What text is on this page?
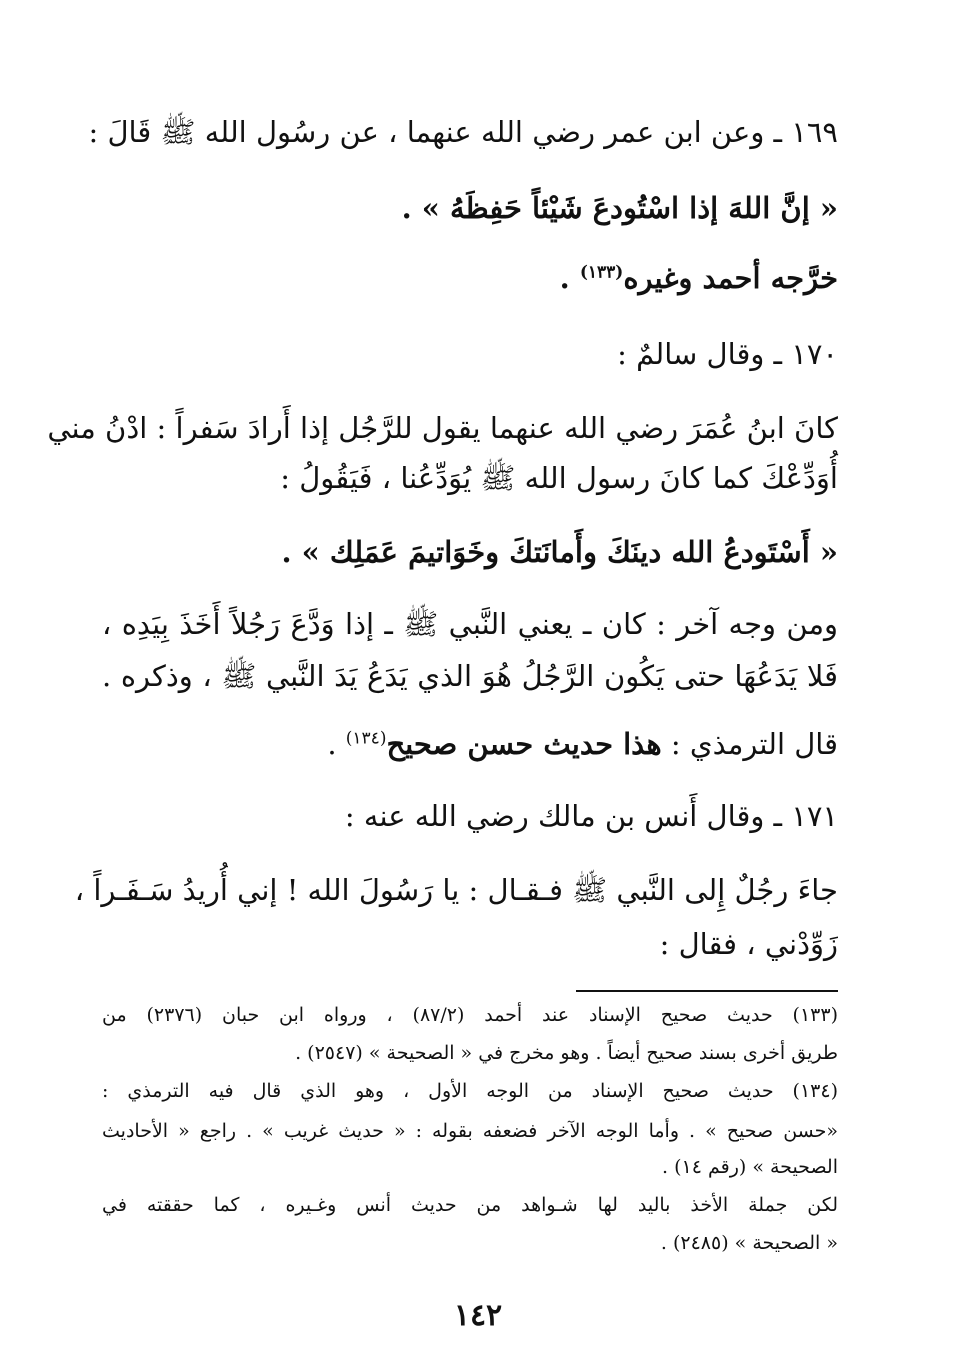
١٦٩ ـ وعن ابن عمر رضي الله عنهما ، عن رسُول الله ﷺ قَالَ :
« إنَّ اللهَ إذا اسْتُودعَ شَيْئاً حَفِظَهُ » .
خرَّجه أحمد وغيره$^{(١٣٣)}$ .
١٧٠ ـ وقال سالمٌ :
كانَ ابنُ عُمَرَ رضي الله عنهما يقول للرَّجُل إذا أَرادَ سَفراً : ادْنُ مني
أُوَدِّعْكَ كما كانَ رسول الله ﷺ يُوَدِّعُنا ، فَيَقُولُ :
« أَسْتَودعُ الله دينَكَ وأَمانَتكَ وخَوَاتيمَ عَمَلِك » .
ومن وجه آخر : كان ـ يعني النَّبي ﷺ ـ إذا وَدَّعَ رَجُلاً أَخَذَ بِيَدِه ،
فَلا يَدَعُهَا حتى يَكُون الرَّجُلُ هُوَ الذي يَدَعُ يَدَ النَّبي ﷺ ، وذكره .
قال الترمذي : هذا حديث حسن صحيح$^{(١٣٤)}$ .
١٧١ ـ وقال أَنس بن مالك رضي الله عنه :
جاءَ رجُلٌ إِلى النَّبي ﷺ فـقـال : يا رَسُولَ الله ! إني أُريدُ سَـفَـراً ،
زَوِّدْني ، فقال :
(١٣٣) حديث صحيح الإسناد عند أحمد (٨٧/٢) ، ورواه ابن حبان (٢٣٧٦) من
طريق أخرى بسند صحيح أيضاً . وهو مخرج في « الصحيحة » (٢٥٤٧) .
(١٣٤) حديث صحيح الإسناد من الوجه الأول ، وهو الذي قال فيه الترمذي :
«حسن صحيح » . وأما الوجه الآخر فضعفه بقوله : « حديث غريب » . راجع « الأحاديث
الصحيحة » (رقم ١٤) .
لكن جملة الأخذ باليد لها شـواهد من حديث أنس وغـيره ، كما حققته في
« الصحيحة » (٢٤٨٥) .
١٤٢
